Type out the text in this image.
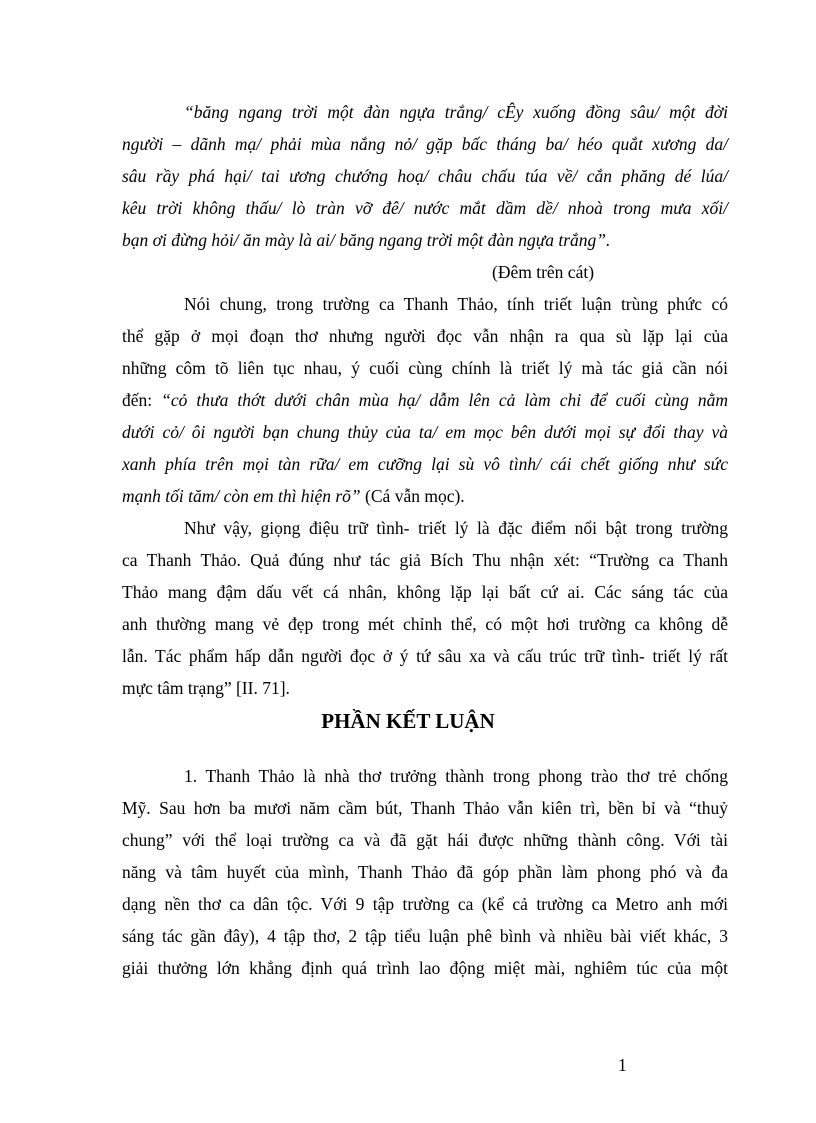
“băng ngang trời một đàn ngựa trắng/ cÊy xuống đồng sâu/ một đời
người – dãnh mạ/ phải mùa nắng nỏ/ gặp bấc tháng ba/ héo quắt xương da/
sâu rầy phá hại/ tai ương chướng hoạ/ châu chấu túa về/ cắn phăng dé lúa/
kêu trời không thấu/ lò tràn vỡ đê/ nước mắt dầm dề/ nhoà trong mưa xối/
bạn ơi đừng hỏi/ ăn mày là ai/ băng ngang trời một đàn ngựa trắng”.
(Đêm trên cát)
Nói chung, trong trường ca Thanh Thảo, tính triết luận trùng phức có
thể gặp ở mọi đoạn thơ nhưng người đọc vẫn nhận ra qua sù lặp lại của
những côm tõ liên tục nhau, ý cuối cùng chính là triết lý mà tác giả cần nói
đến: “cỏ thưa thớt dưới chân mùa hạ/ dẫm lên cả làm chi để cuối cùng nằm
dưới cỏ/ ôi người bạn chung thủy của ta/ em mọc bên dưới mọi sự đổi thay và
xanh phía trên mọi tàn rữa/ em cưỡng lại sù vô tình/ cái chết giống như sức
mạnh tối tăm/ còn em thì hiện rõ” (Cá vẫn mọc).
Như vậy, giọng điệu trữ tình- triết lý là đặc điểm nổi bật trong trường
ca Thanh Thảo. Quả đúng như tác giả Bích Thu nhận xét: “Trường ca Thanh
Thảo mang đậm dấu vết cá nhân, không lặp lại bất cứ ai. Các sáng tác của
anh thường mang vẻ đẹp trong mét chỉnh thể, có một hơi trường ca không dễ
lẫn. Tác phẩm hấp dẫn người đọc ở ý tứ sâu xa và cấu trúc trữ tình- triết lý rất
mực tâm trạng” [II. 71].
PHẦN KẾT LUẬN
1. Thanh Thảo là nhà thơ trưởng thành trong phong trào thơ trẻ chống
Mỹ. Sau hơn ba mươi năm cầm bút, Thanh Thảo vẫn kiên trì, bền bỉ và “thuỷ
chung” với thể loại trường ca và đã gặt hái được những thành công. Với tài
năng và tâm huyết của mình, Thanh Thảo đã góp phần làm phong phó và đa
dạng nền thơ ca dân tộc. Với 9 tập trường ca (kể cả trường ca Metro anh mới
sáng tác gần đây), 4 tập thơ, 2 tập tiểu luận phê bình và nhiều bài viết khác, 3
giải thưởng lớn khẳng định quá trình lao động miệt mài, nghiêm túc của một
1
